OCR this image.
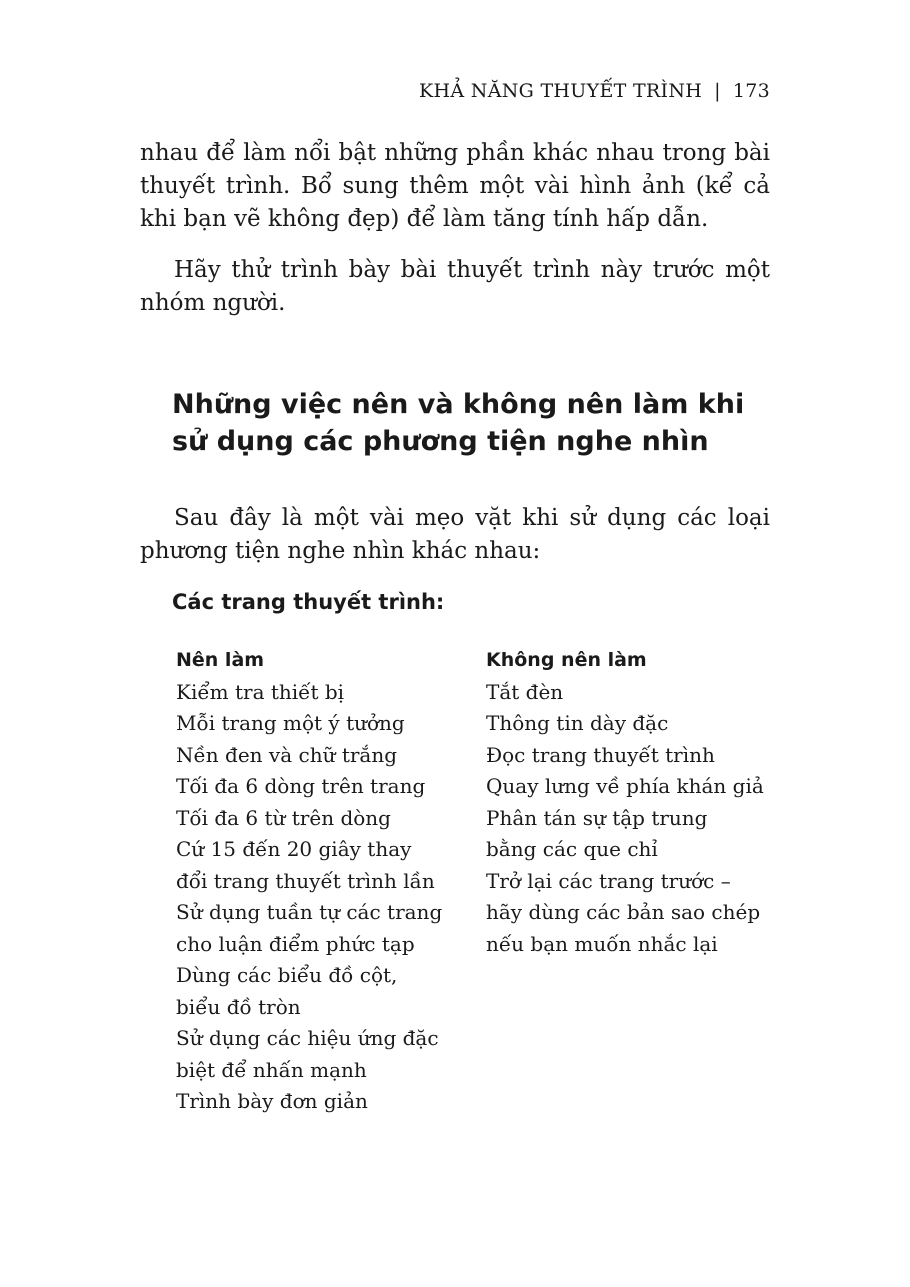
KHẢ NĂNG THUYẾT TRÌNH | 173

nhau để làm nổi bật những phần khác nhau trong bài thuyết trình. Bổ sung thêm một vài hình ảnh (kể cả khi bạn vẽ không đẹp) để làm tăng tính hấp dẫn.

Hãy thử trình bày bài thuyết trình này trước một nhóm người.

Những việc nên và không nên làm khi
sử dụng các phương tiện nghe nhìn

Sau đây là một vài mẹo vặt khi sử dụng các loại phương tiện nghe nhìn khác nhau:

Các trang thuyết trình:
Nên làm
Kiểm tra thiết bị
Mỗi trang một ý tưởng
Nền đen và chữ trắng
Tối đa 6 dòng trên trang
Tối đa 6 từ trên dòng
Cứ 15 đến 20 giây thay
đổi trang thuyết trình lần
Sử dụng tuần tự các trang
cho luận điểm phức tạp
Dùng các biểu đồ cột,
biểu đồ tròn
Sử dụng các hiệu ứng đặc
biệt để nhấn mạnh
Trình bày đơn giản
Không nên làm
Tắt đèn
Thông tin dày đặc
Đọc trang thuyết trình
Quay lưng về phía khán giả
Phân tán sự tập trung
bằng các que chỉ
Trở lại các trang trước –
hãy dùng các bản sao chép
nếu bạn muốn nhắc lại
